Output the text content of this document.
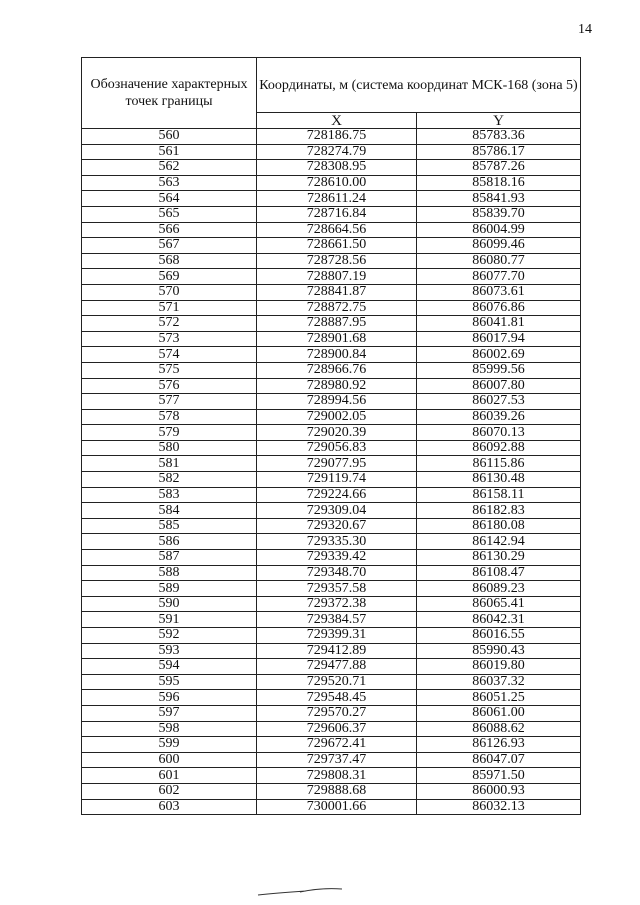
14
Обозначение характерных точек границы	Координаты, м (система координат МСК-168 (зона 5)	
	X	Y
560	728186.75	85783.36
561	728274.79	85786.17
562	728308.95	85787.26
563	728610.00	85818.16
564	728611.24	85841.93
565	728716.84	85839.70
566	728664.56	86004.99
567	728661.50	86099.46
568	728728.56	86080.77
569	728807.19	86077.70
570	728841.87	86073.61
571	728872.75	86076.86
572	728887.95	86041.81
573	728901.68	86017.94
574	728900.84	86002.69
575	728966.76	85999.56
576	728980.92	86007.80
577	728994.56	86027.53
578	729002.05	86039.26
579	729020.39	86070.13
580	729056.83	86092.88
581	729077.95	86115.86
582	729119.74	86130.48
583	729224.66	86158.11
584	729309.04	86182.83
585	729320.67	86180.08
586	729335.30	86142.94
587	729339.42	86130.29
588	729348.70	86108.47
589	729357.58	86089.23
590	729372.38	86065.41
591	729384.57	86042.31
592	729399.31	86016.55
593	729412.89	85990.43
594	729477.88	86019.80
595	729520.71	86037.32
596	729548.45	86051.25
597	729570.27	86061.00
598	729606.37	86088.62
599	729672.41	86126.93
600	729737.47	86047.07
601	729808.31	85971.50
602	729888.68	86000.93
603	730001.66	86032.13
